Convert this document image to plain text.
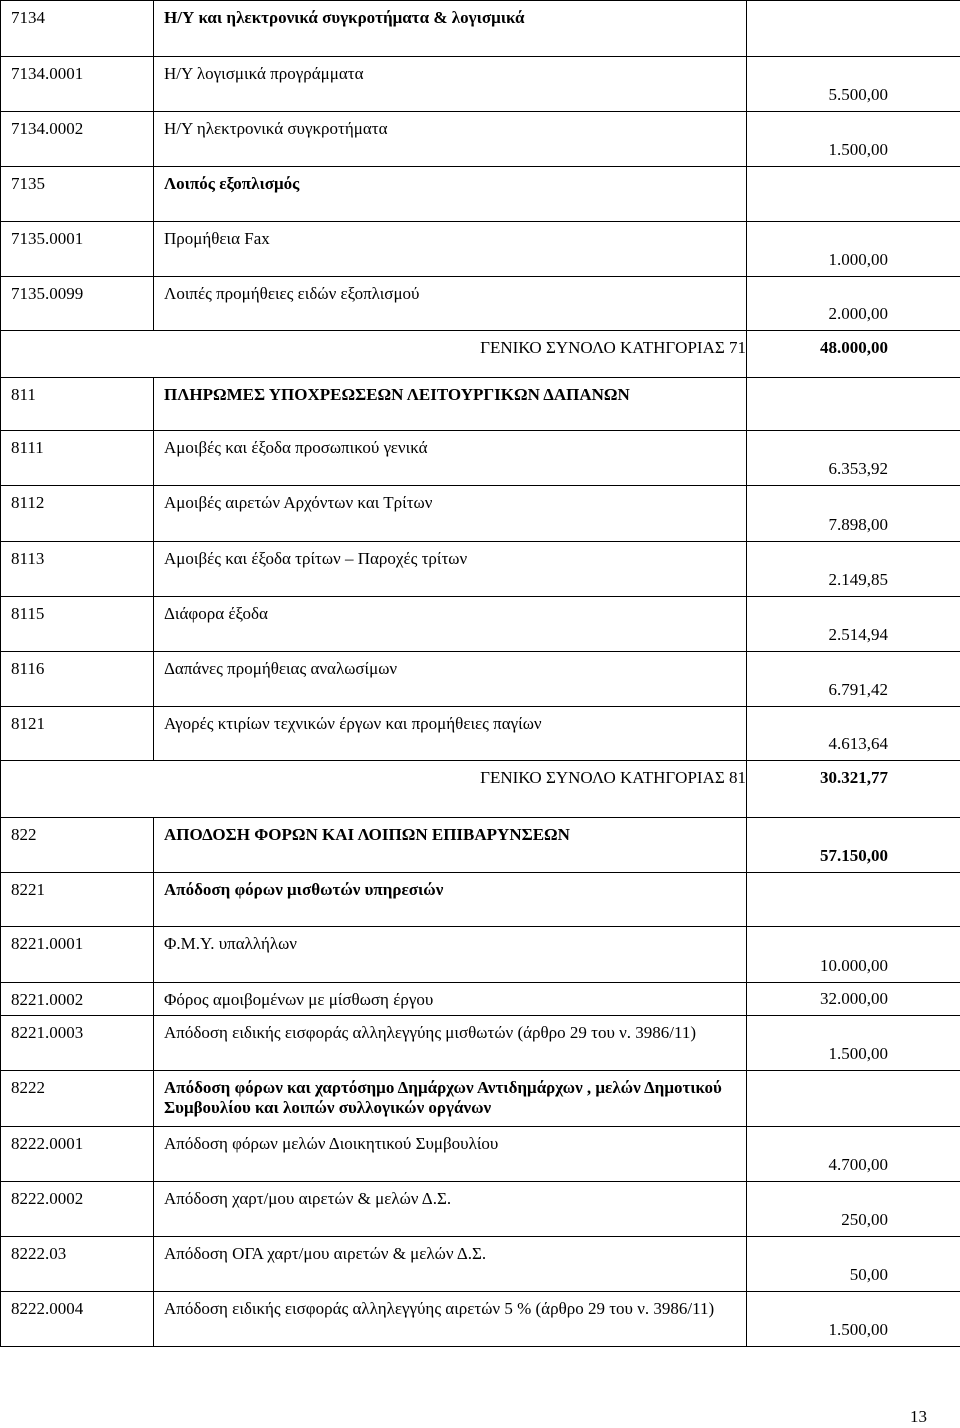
7134	Η/Υ και ηλεκτρονικά συγκροτήματα & λογισμικά	
7134.0001	Η/Υ λογισμικά προγράμματα	5.500,00
7134.0002	Η/Υ ηλεκτρονικά συγκροτήματα	1.500,00
7135	Λοιπός εξοπλισμός	
7135.0001	Προμήθεια Fax	1.000,00
7135.0099	Λοιπές προμήθειες ειδών εξοπλισμού	2.000,00
ΓΕΝΙΚΟ ΣΥΝΟΛΟ ΚΑΤΗΓΟΡΙΑΣ 71		48.000,00
811	ΠΛΗΡΩΜΕΣ ΥΠΟΧΡΕΩΣΕΩΝ ΛΕΙΤΟΥΡΓΙΚΩΝ ΔΑΠΑΝΩΝ	
8111	Αμοιβές και έξοδα προσωπικού γενικά	6.353,92
8112	Αμοιβές αιρετών Αρχόντων και Τρίτων	7.898,00
8113	Αμοιβές και έξοδα τρίτων – Παροχές τρίτων	2.149,85
8115	Διάφορα έξοδα	2.514,94
8116	Δαπάνες προμήθειας αναλωσίμων	6.791,42
8121	Αγορές κτιρίων τεχνικών έργων και προμήθειες παγίων	4.613,64
ΓΕΝΙΚΟ ΣΥΝΟΛΟ ΚΑΤΗΓΟΡΙΑΣ 81		30.321,77
822	ΑΠΟΔΟΣΗ ΦΟΡΩΝ ΚΑΙ ΛΟΙΠΩΝ ΕΠΙΒΑΡΥΝΣΕΩΝ	57.150,00
8221	Απόδοση φόρων μισθωτών υπηρεσιών	
8221.0001	Φ.Μ.Υ. υπαλλήλων	10.000,00
8221.0002	Φόρος αμοιβομένων με μίσθωση έργου	32.000,00
8221.0003	Απόδοση ειδικής εισφοράς αλληλεγγύης μισθωτών (άρθρο 29 του ν. 3986/11)	1.500,00
8222	Απόδοση φόρων και χαρτόσημο Δημάρχων Αντιδημάρχων , μελών Δημοτικού Συμβουλίου και λοιπών συλλογικών οργάνων	
8222.0001	Απόδοση φόρων μελών Διοικητικού Συμβουλίου	4.700,00
8222.0002	Απόδοση χαρτ/μου αιρετών & μελών Δ.Σ.	250,00
8222.03	Απόδοση ΟΓΑ χαρτ/μου αιρετών & μελών Δ.Σ.	50,00
8222.0004	Απόδοση ειδικής εισφοράς αλληλεγγύης αιρετών 5 % (άρθρο 29 του ν. 3986/11)	1.500,00
13
